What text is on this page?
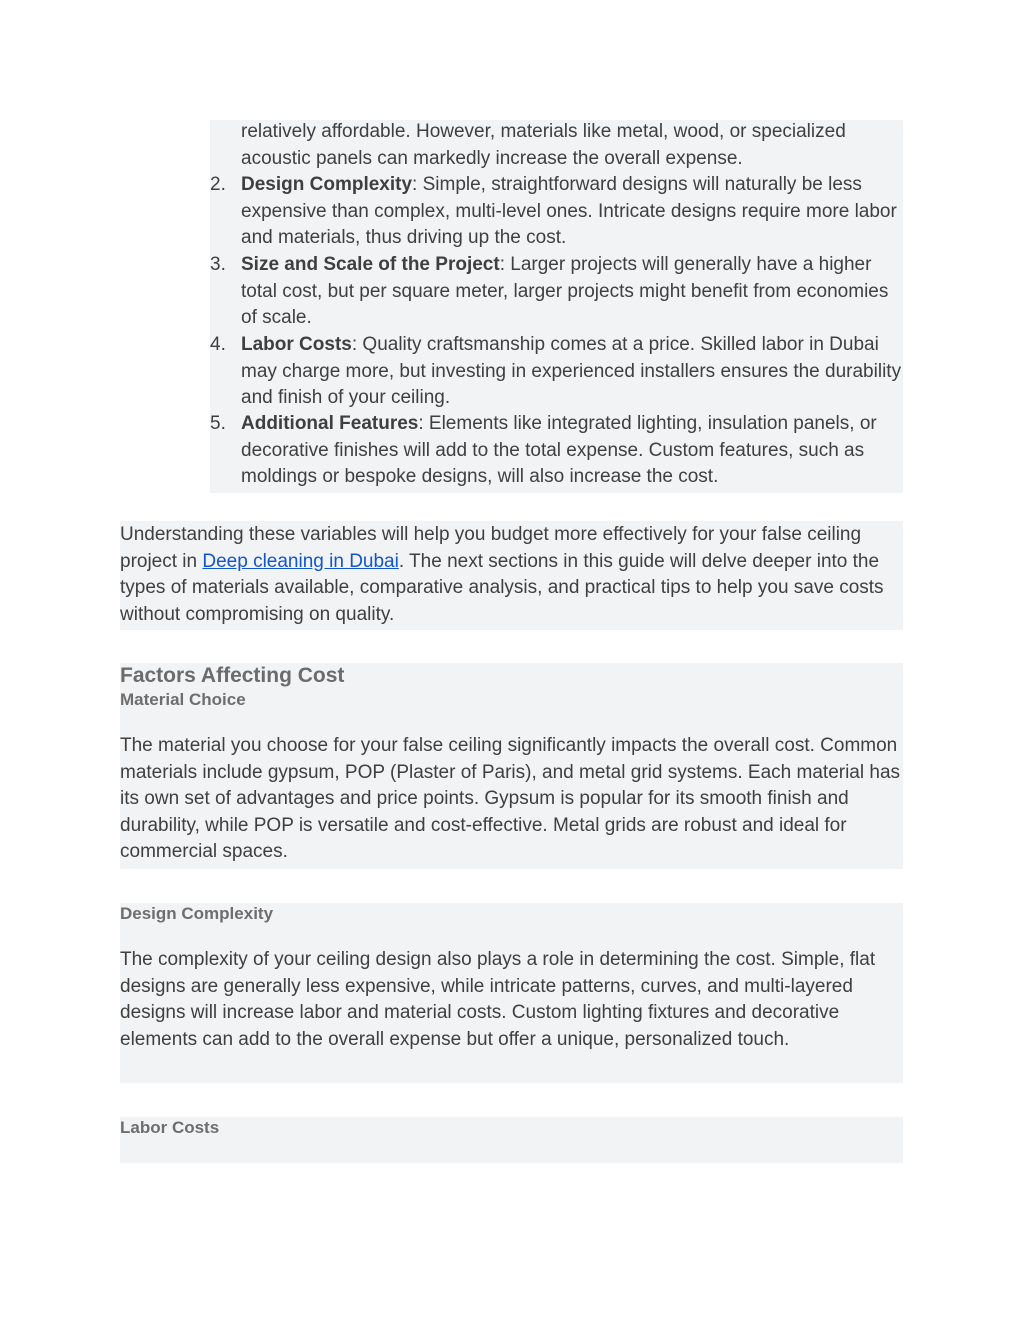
relatively affordable. However, materials like metal, wood, or specialized acoustic panels can markedly increase the overall expense.
2. Design Complexity: Simple, straightforward designs will naturally be less expensive than complex, multi-level ones. Intricate designs require more labor and materials, thus driving up the cost.
3. Size and Scale of the Project: Larger projects will generally have a higher total cost, but per square meter, larger projects might benefit from economies of scale.
4. Labor Costs: Quality craftsmanship comes at a price. Skilled labor in Dubai may charge more, but investing in experienced installers ensures the durability and finish of your ceiling.
5. Additional Features: Elements like integrated lighting, insulation panels, or decorative finishes will add to the total expense. Custom features, such as moldings or bespoke designs, will also increase the cost.

Understanding these variables will help you budget more effectively for your false ceiling project in Deep cleaning in Dubai. The next sections in this guide will delve deeper into the types of materials available, comparative analysis, and practical tips to help you save costs without compromising on quality.

Factors Affecting Cost
Material Choice

The material you choose for your false ceiling significantly impacts the overall cost. Common materials include gypsum, POP (Plaster of Paris), and metal grid systems. Each material has its own set of advantages and price points. Gypsum is popular for its smooth finish and durability, while POP is versatile and cost-effective. Metal grids are robust and ideal for commercial spaces.

Design Complexity

The complexity of your ceiling design also plays a role in determining the cost. Simple, flat designs are generally less expensive, while intricate patterns, curves, and multi-layered designs will increase labor and material costs. Custom lighting fixtures and decorative elements can add to the overall expense but offer a unique, personalized touch.

Labor Costs
